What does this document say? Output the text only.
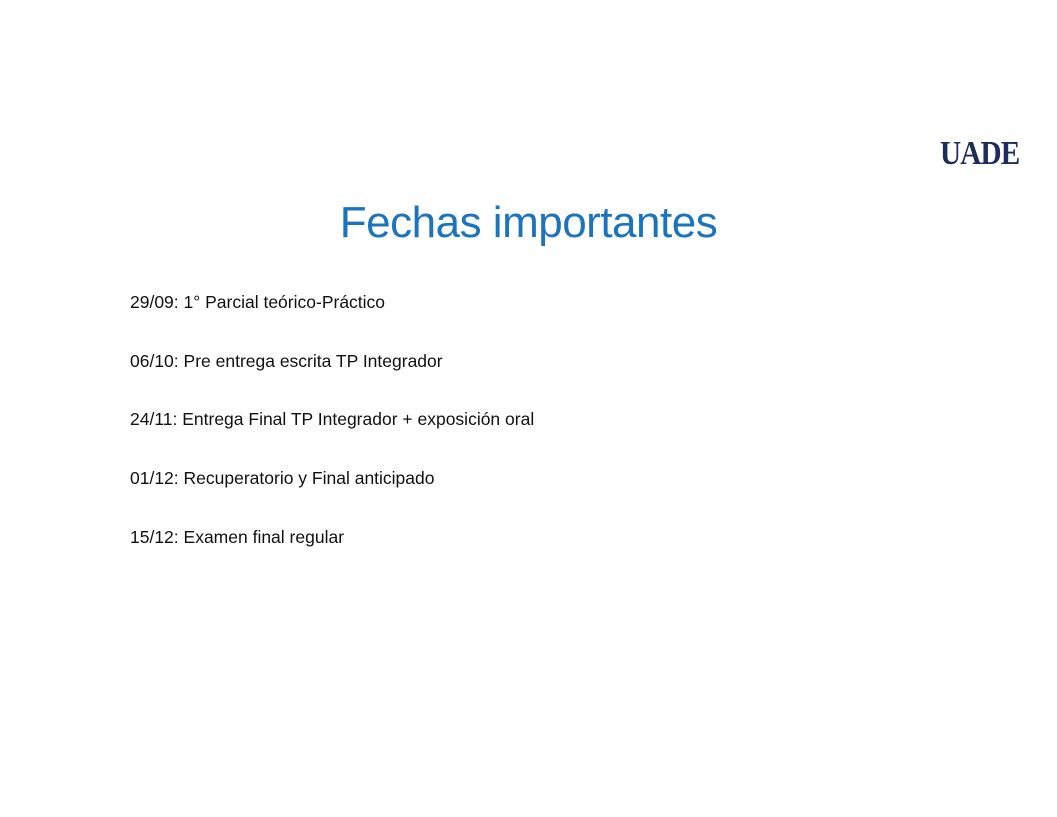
UADE
Fechas importantes
29/09: 1° Parcial teórico-Práctico
06/10: Pre entrega escrita TP Integrador
24/11: Entrega Final TP Integrador + exposición oral
01/12: Recuperatorio y Final anticipado
15/12: Examen final regular
